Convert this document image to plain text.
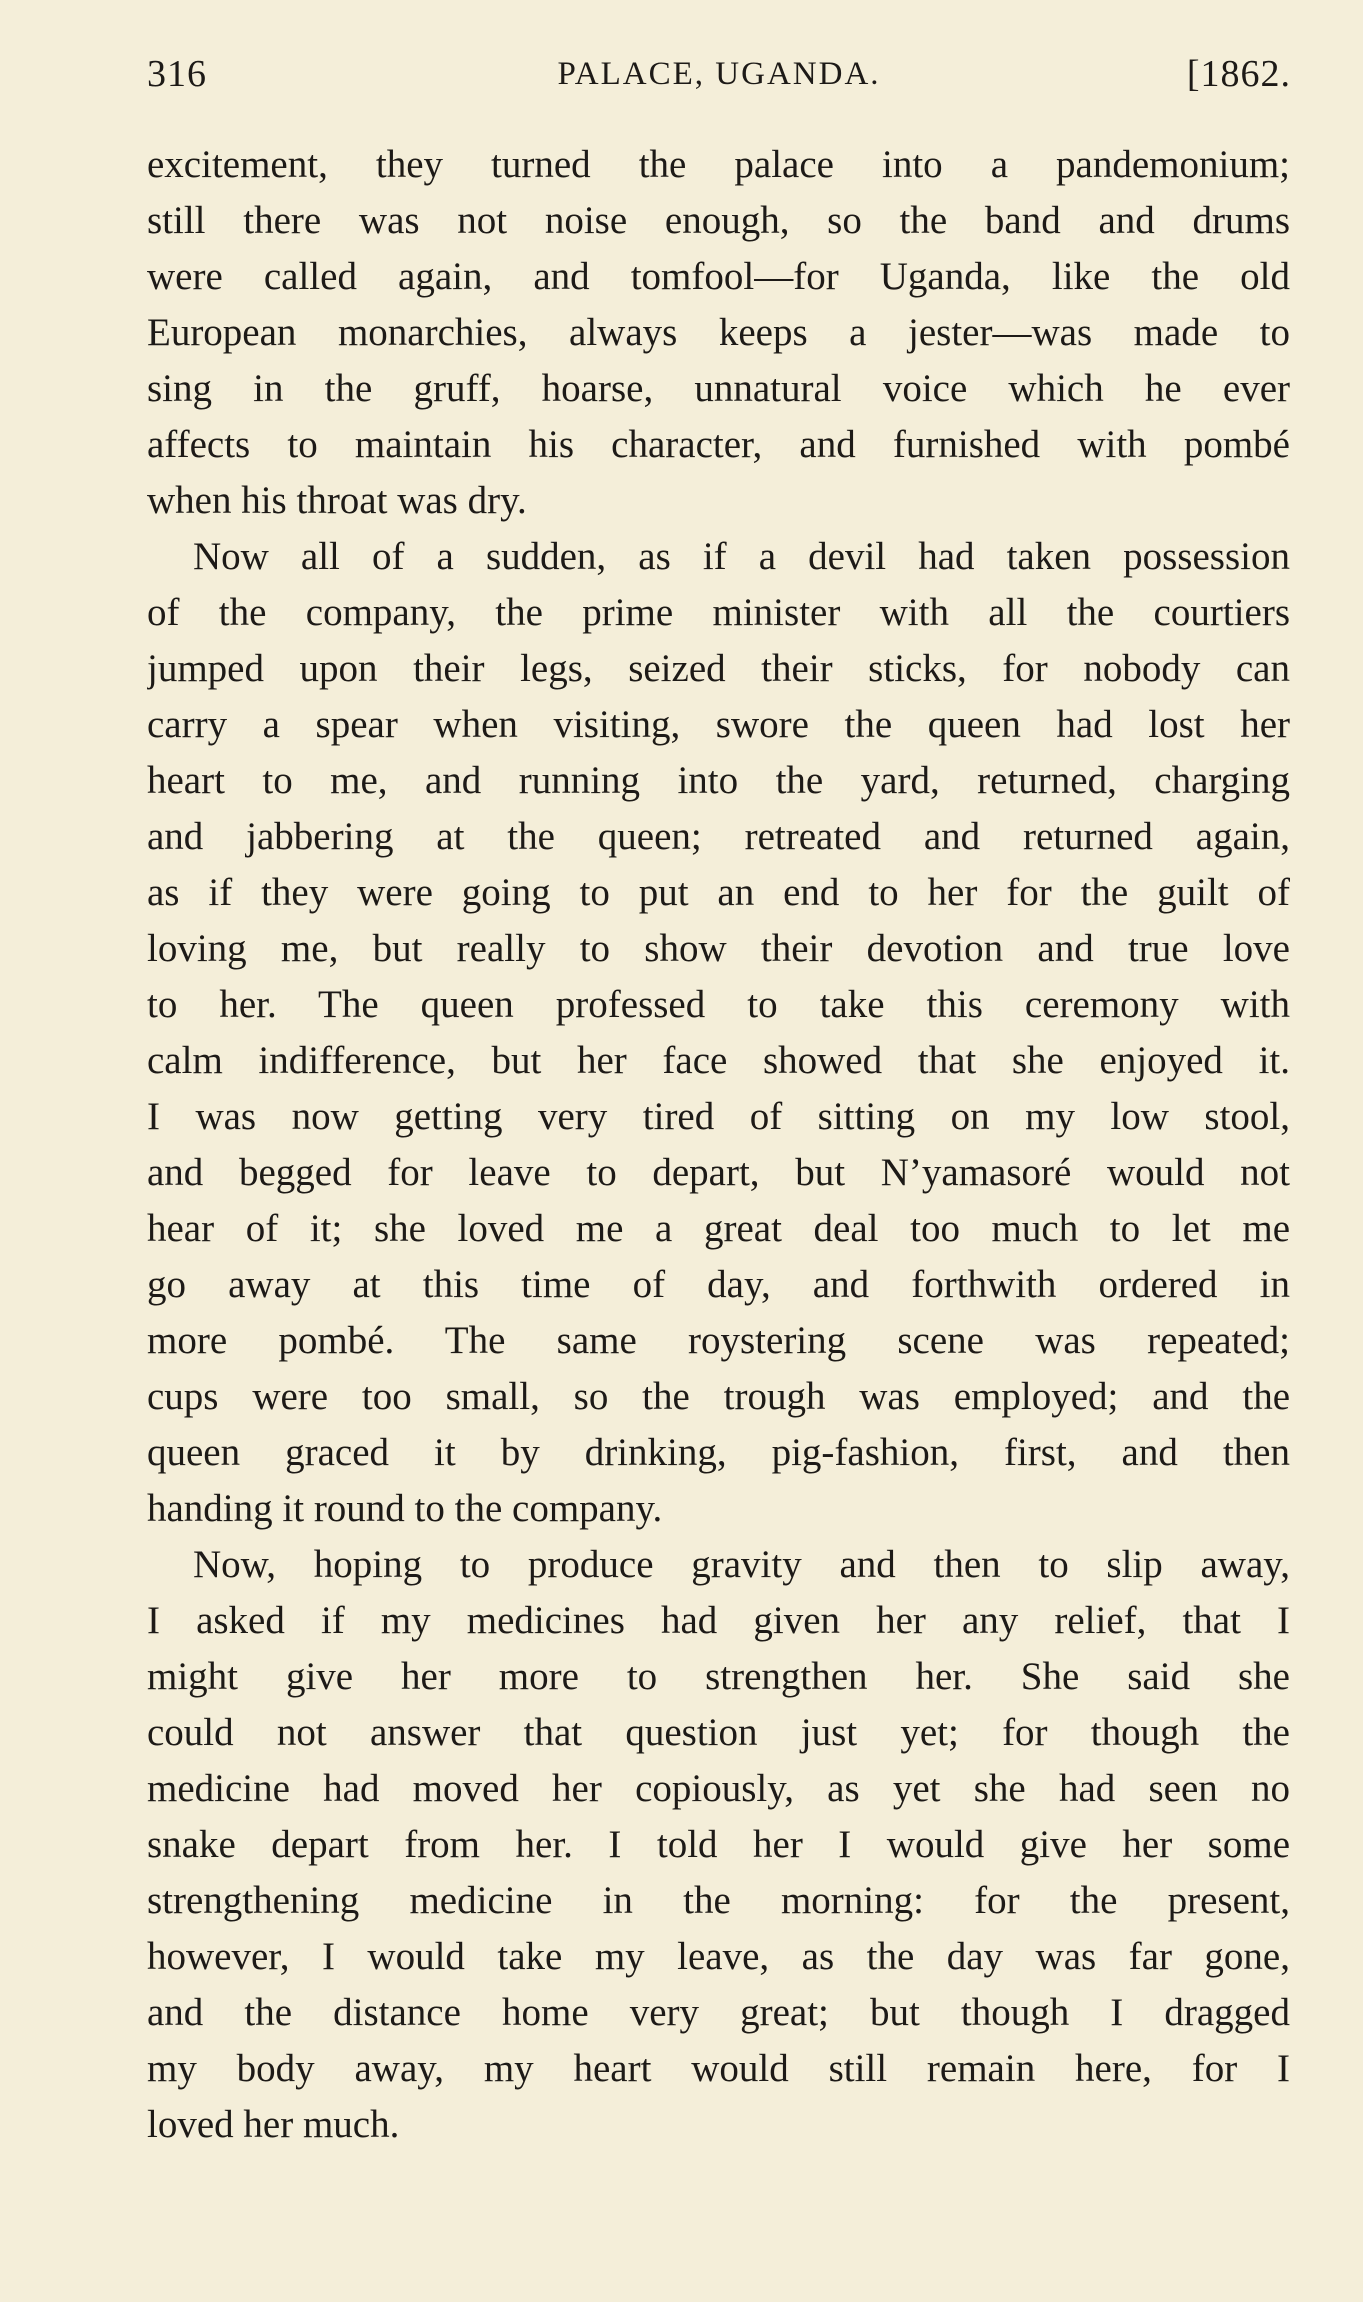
316	PALACE, UGANDA.	[1862.
excitement, they turned the palace into a pandemonium;
still there was not noise enough, so the band and drums
were called again, and tomfool—for Uganda, like the old
European monarchies, always keeps a jester—was made to
sing in the gruff, hoarse, unnatural voice which he ever
affects to maintain his character, and furnished with pombé
when his throat was dry.
Now all of a sudden, as if a devil had taken possession
of the company, the prime minister with all the courtiers
jumped upon their legs, seized their sticks, for nobody can
carry a spear when visiting, swore the queen had lost her
heart to me, and running into the yard, returned, charging
and jabbering at the queen; retreated and returned again,
as if they were going to put an end to her for the guilt of
loving me, but really to show their devotion and true love
to her. The queen professed to take this ceremony with
calm indifference, but her face showed that she enjoyed it.
I was now getting very tired of sitting on my low stool,
and begged for leave to depart, but N’yamasoré would not
hear of it; she loved me a great deal too much to let me
go away at this time of day, and forthwith ordered in
more pombé. The same roystering scene was repeated;
cups were too small, so the trough was employed; and the
queen graced it by drinking, pig-fashion, first, and then
handing it round to the company.
Now, hoping to produce gravity and then to slip away,
I asked if my medicines had given her any relief, that I
might give her more to strengthen her. She said she
could not answer that question just yet; for though the
medicine had moved her copiously, as yet she had seen no
snake depart from her. I told her I would give her some
strengthening medicine in the morning: for the present,
however, I would take my leave, as the day was far gone,
and the distance home very great; but though I dragged
my body away, my heart would still remain here, for I
loved her much.
